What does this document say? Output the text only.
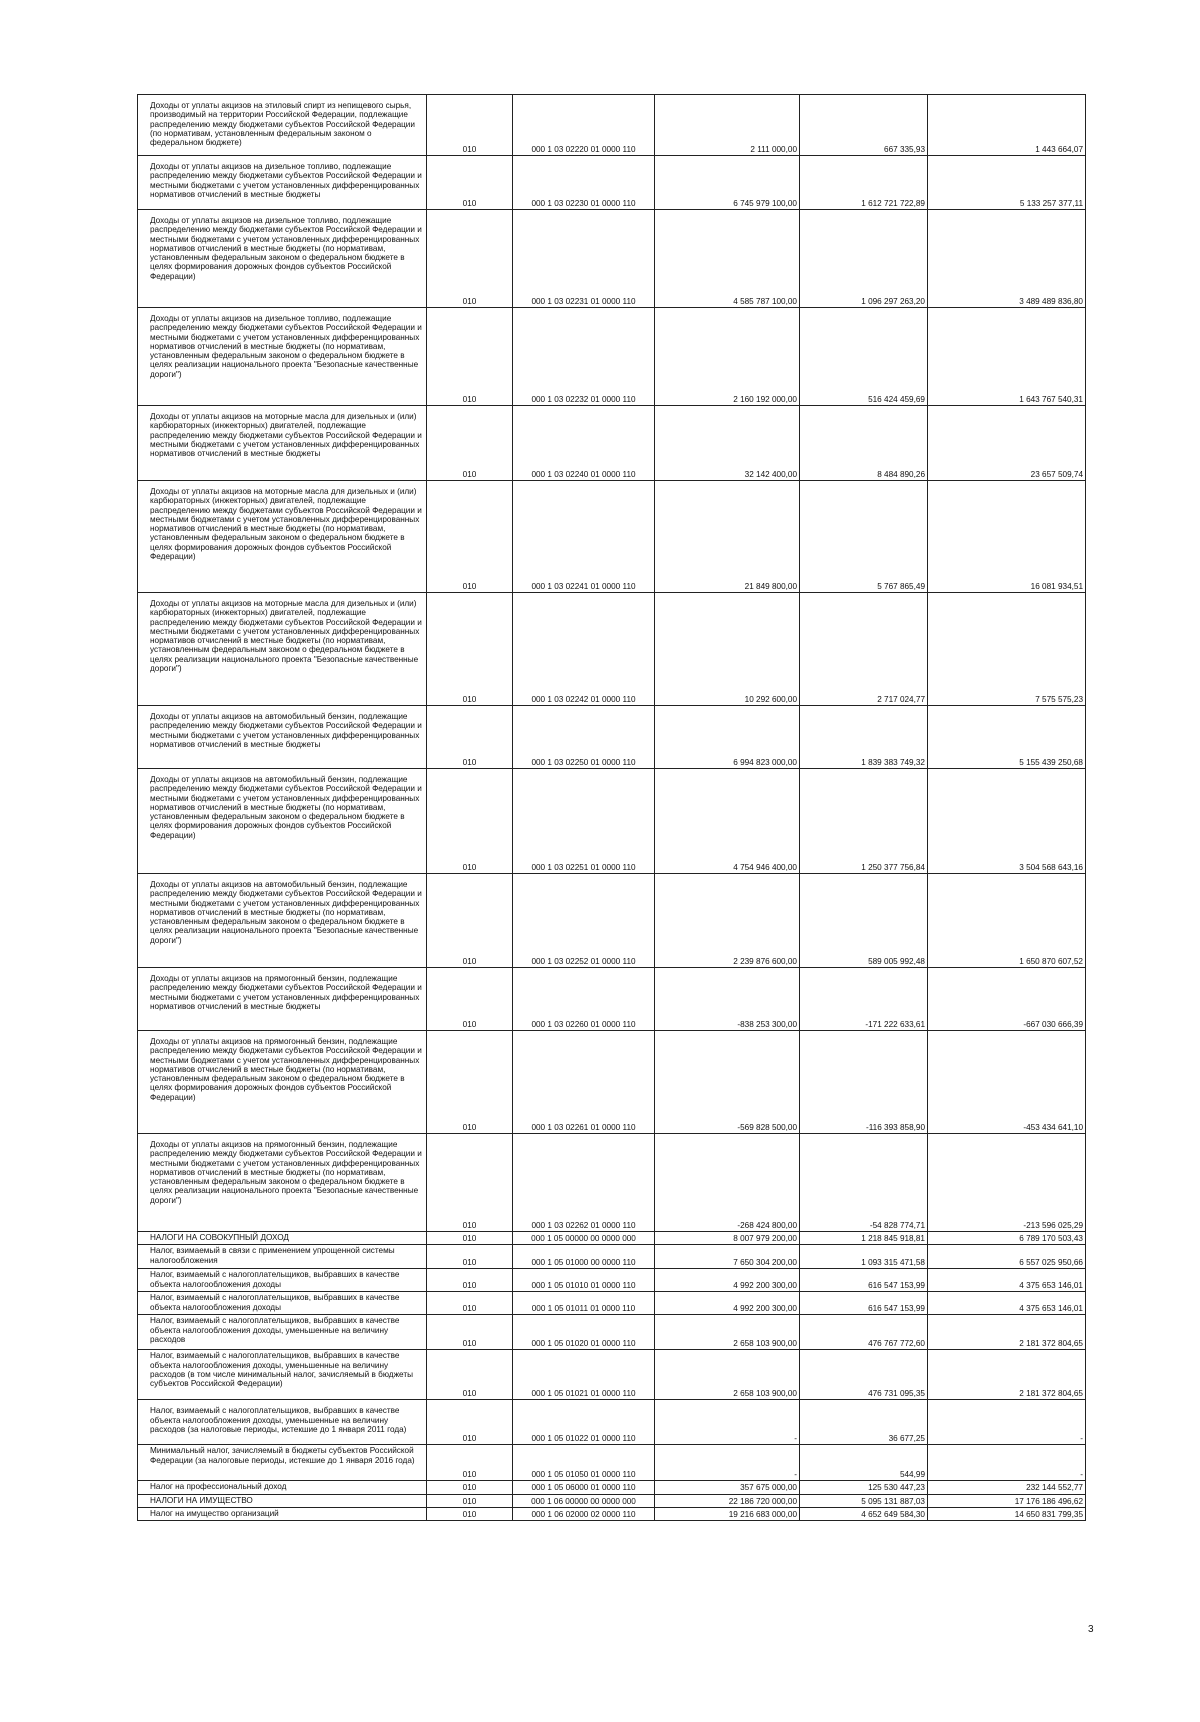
Доходы от уплаты акцизов на этиловый спирт из непищевого сырья, производимый на территории Российской Федерации, подлежащие распределению между бюджетами субъектов Российской Федерации (по нормативам, установленным федеральным законом о федеральном бюджете)	010	000 1 03 02220 01 0000 110	2 111 000,00	667 335,93	1 443 664,07
Доходы от уплаты акцизов на дизельное топливо, подлежащие распределению между бюджетами субъектов Российской Федерации и местными бюджетами с учетом установленных дифференцированных нормативов отчислений в местные бюджеты	010	000 1 03 02230 01 0000 110	6 745 979 100,00	1 612 721 722,89	5 133 257 377,11
Доходы от уплаты акцизов на дизельное топливо, подлежащие распределению между бюджетами субъектов Российской Федерации и местными бюджетами с учетом установленных дифференцированных нормативов отчислений в местные бюджеты (по нормативам, установленным федеральным законом о федеральном бюджете в целях формирования дорожных фондов субъектов Российской Федерации)	010	000 1 03 02231 01 0000 110	4 585 787 100,00	1 096 297 263,20	3 489 489 836,80
Доходы от уплаты акцизов на дизельное топливо, подлежащие распределению между бюджетами субъектов Российской Федерации и местными бюджетами с учетом установленных дифференцированных нормативов отчислений в местные бюджеты (по нормативам, установленным федеральным законом о федеральном бюджете в целях реализации национального проекта "Безопасные качественные дороги")	010	000 1 03 02232 01 0000 110	2 160 192 000,00	516 424 459,69	1 643 767 540,31
Доходы от уплаты акцизов на моторные масла для дизельных и (или) карбюраторных (инжекторных) двигателей, подлежащие распределению между бюджетами субъектов Российской Федерации и местными бюджетами с учетом установленных дифференцированных нормативов отчислений в местные бюджеты	010	000 1 03 02240 01 0000 110	32 142 400,00	8 484 890,26	23 657 509,74
Доходы от уплаты акцизов на моторные масла для дизельных и (или) карбюраторных (инжекторных) двигателей, подлежащие распределению между бюджетами субъектов Российской Федерации и местными бюджетами с учетом установленных дифференцированных нормативов отчислений в местные бюджеты (по нормативам, установленным федеральным законом о федеральном бюджете в целях формирования дорожных фондов субъектов Российской Федерации)	010	000 1 03 02241 01 0000 110	21 849 800,00	5 767 865,49	16 081 934,51
Доходы от уплаты акцизов на моторные масла для дизельных и (или) карбюраторных (инжекторных) двигателей, подлежащие распределению между бюджетами субъектов Российской Федерации и местными бюджетами с учетом установленных дифференцированных нормативов отчислений в местные бюджеты (по нормативам, установленным федеральным законом о федеральном бюджете в целях реализации национального проекта "Безопасные качественные дороги")	010	000 1 03 02242 01 0000 110	10 292 600,00	2 717 024,77	7 575 575,23
Доходы от уплаты акцизов на автомобильный бензин, подлежащие распределению между бюджетами субъектов Российской Федерации и местными бюджетами с учетом установленных дифференцированных нормативов отчислений в местные бюджеты	010	000 1 03 02250 01 0000 110	6 994 823 000,00	1 839 383 749,32	5 155 439 250,68
Доходы от уплаты акцизов на автомобильный бензин, подлежащие распределению между бюджетами субъектов Российской Федерации и местными бюджетами с учетом установленных дифференцированных нормативов отчислений в местные бюджеты (по нормативам, установленным федеральным законом о федеральном бюджете в целях формирования дорожных фондов субъектов Российской Федерации)	010	000 1 03 02251 01 0000 110	4 754 946 400,00	1 250 377 756,84	3 504 568 643,16
Доходы от уплаты акцизов на автомобильный бензин, подлежащие распределению между бюджетами субъектов Российской Федерации и местными бюджетами с учетом установленных дифференцированных нормативов отчислений в местные бюджеты (по нормативам, установленным федеральным законом о федеральном бюджете в целях реализации национального проекта "Безопасные качественные дороги")	010	000 1 03 02252 01 0000 110	2 239 876 600,00	589 005 992,48	1 650 870 607,52
Доходы от уплаты акцизов на прямогонный бензин, подлежащие распределению между бюджетами субъектов Российской Федерации и местными бюджетами с учетом установленных дифференцированных нормативов отчислений в местные бюджеты	010	000 1 03 02260 01 0000 110	-838 253 300,00	-171 222 633,61	-667 030 666,39
Доходы от уплаты акцизов на прямогонный бензин, подлежащие распределению между бюджетами субъектов Российской Федерации и местными бюджетами с учетом установленных дифференцированных нормативов отчислений в местные бюджеты (по нормативам, установленным федеральным законом о федеральном бюджете в целях формирования дорожных фондов субъектов Российской Федерации)	010	000 1 03 02261 01 0000 110	-569 828 500,00	-116 393 858,90	-453 434 641,10
Доходы от уплаты акцизов на прямогонный бензин, подлежащие распределению между бюджетами субъектов Российской Федерации и местными бюджетами с учетом установленных дифференцированных нормативов отчислений в местные бюджеты (по нормативам, установленным федеральным законом о федеральном бюджете в целях реализации национального проекта "Безопасные качественные дороги")	010	000 1 03 02262 01 0000 110	-268 424 800,00	-54 828 774,71	-213 596 025,29
НАЛОГИ НА СОВОКУПНЫЙ ДОХОД	010	000 1 05 00000 00 0000 000	8 007 979 200,00	1 218 845 918,81	6 789 170 503,43
Налог, взимаемый в связи с применением упрощенной системы налогообложения	010	000 1 05 01000 00 0000 110	7 650 304 200,00	1 093 315 471,58	6 557 025 950,66
Налог, взимаемый с налогоплательщиков, выбравших в качестве объекта налогообложения доходы	010	000 1 05 01010 01 0000 110	4 992 200 300,00	616 547 153,99	4 375 653 146,01
Налог, взимаемый с налогоплательщиков, выбравших в качестве объекта налогообложения доходы	010	000 1 05 01011 01 0000 110	4 992 200 300,00	616 547 153,99	4 375 653 146,01
Налог, взимаемый с налогоплательщиков, выбравших в качестве объекта налогообложения доходы, уменьшенные на величину расходов	010	000 1 05 01020 01 0000 110	2 658 103 900,00	476 767 772,60	2 181 372 804,65
Налог, взимаемый с налогоплательщиков, выбравших в качестве объекта налогообложения доходы, уменьшенные на величину расходов (в том числе минимальный налог, зачисляемый в бюджеты субъектов Российской Федерации)	010	000 1 05 01021 01 0000 110	2 658 103 900,00	476 731 095,35	2 181 372 804,65
Налог, взимаемый с налогоплательщиков, выбравших в качестве объекта налогообложения доходы, уменьшенные на величину расходов (за налоговые периоды, истекшие до 1 января 2011 года)	010	000 1 05 01022 01 0000 110	-	36 677,25	-
Минимальный налог, зачисляемый в бюджеты субъектов Российской Федерации (за налоговые периоды, истекшие до 1 января 2016 года)	010	000 1 05 01050 01 0000 110	-	544,99	-
Налог на профессиональный доход	010	000 1 05 06000 01 0000 110	357 675 000,00	125 530 447,23	232 144 552,77
НАЛОГИ НА ИМУЩЕСТВО	010	000 1 06 00000 00 0000 000	22 186 720 000,00	5 095 131 887,03	17 176 186 496,62
Налог на имущество организаций	010	000 1 06 02000 02 0000 110	19 216 683 000,00	4 652 649 584,30	14 650 831 799,35
3
